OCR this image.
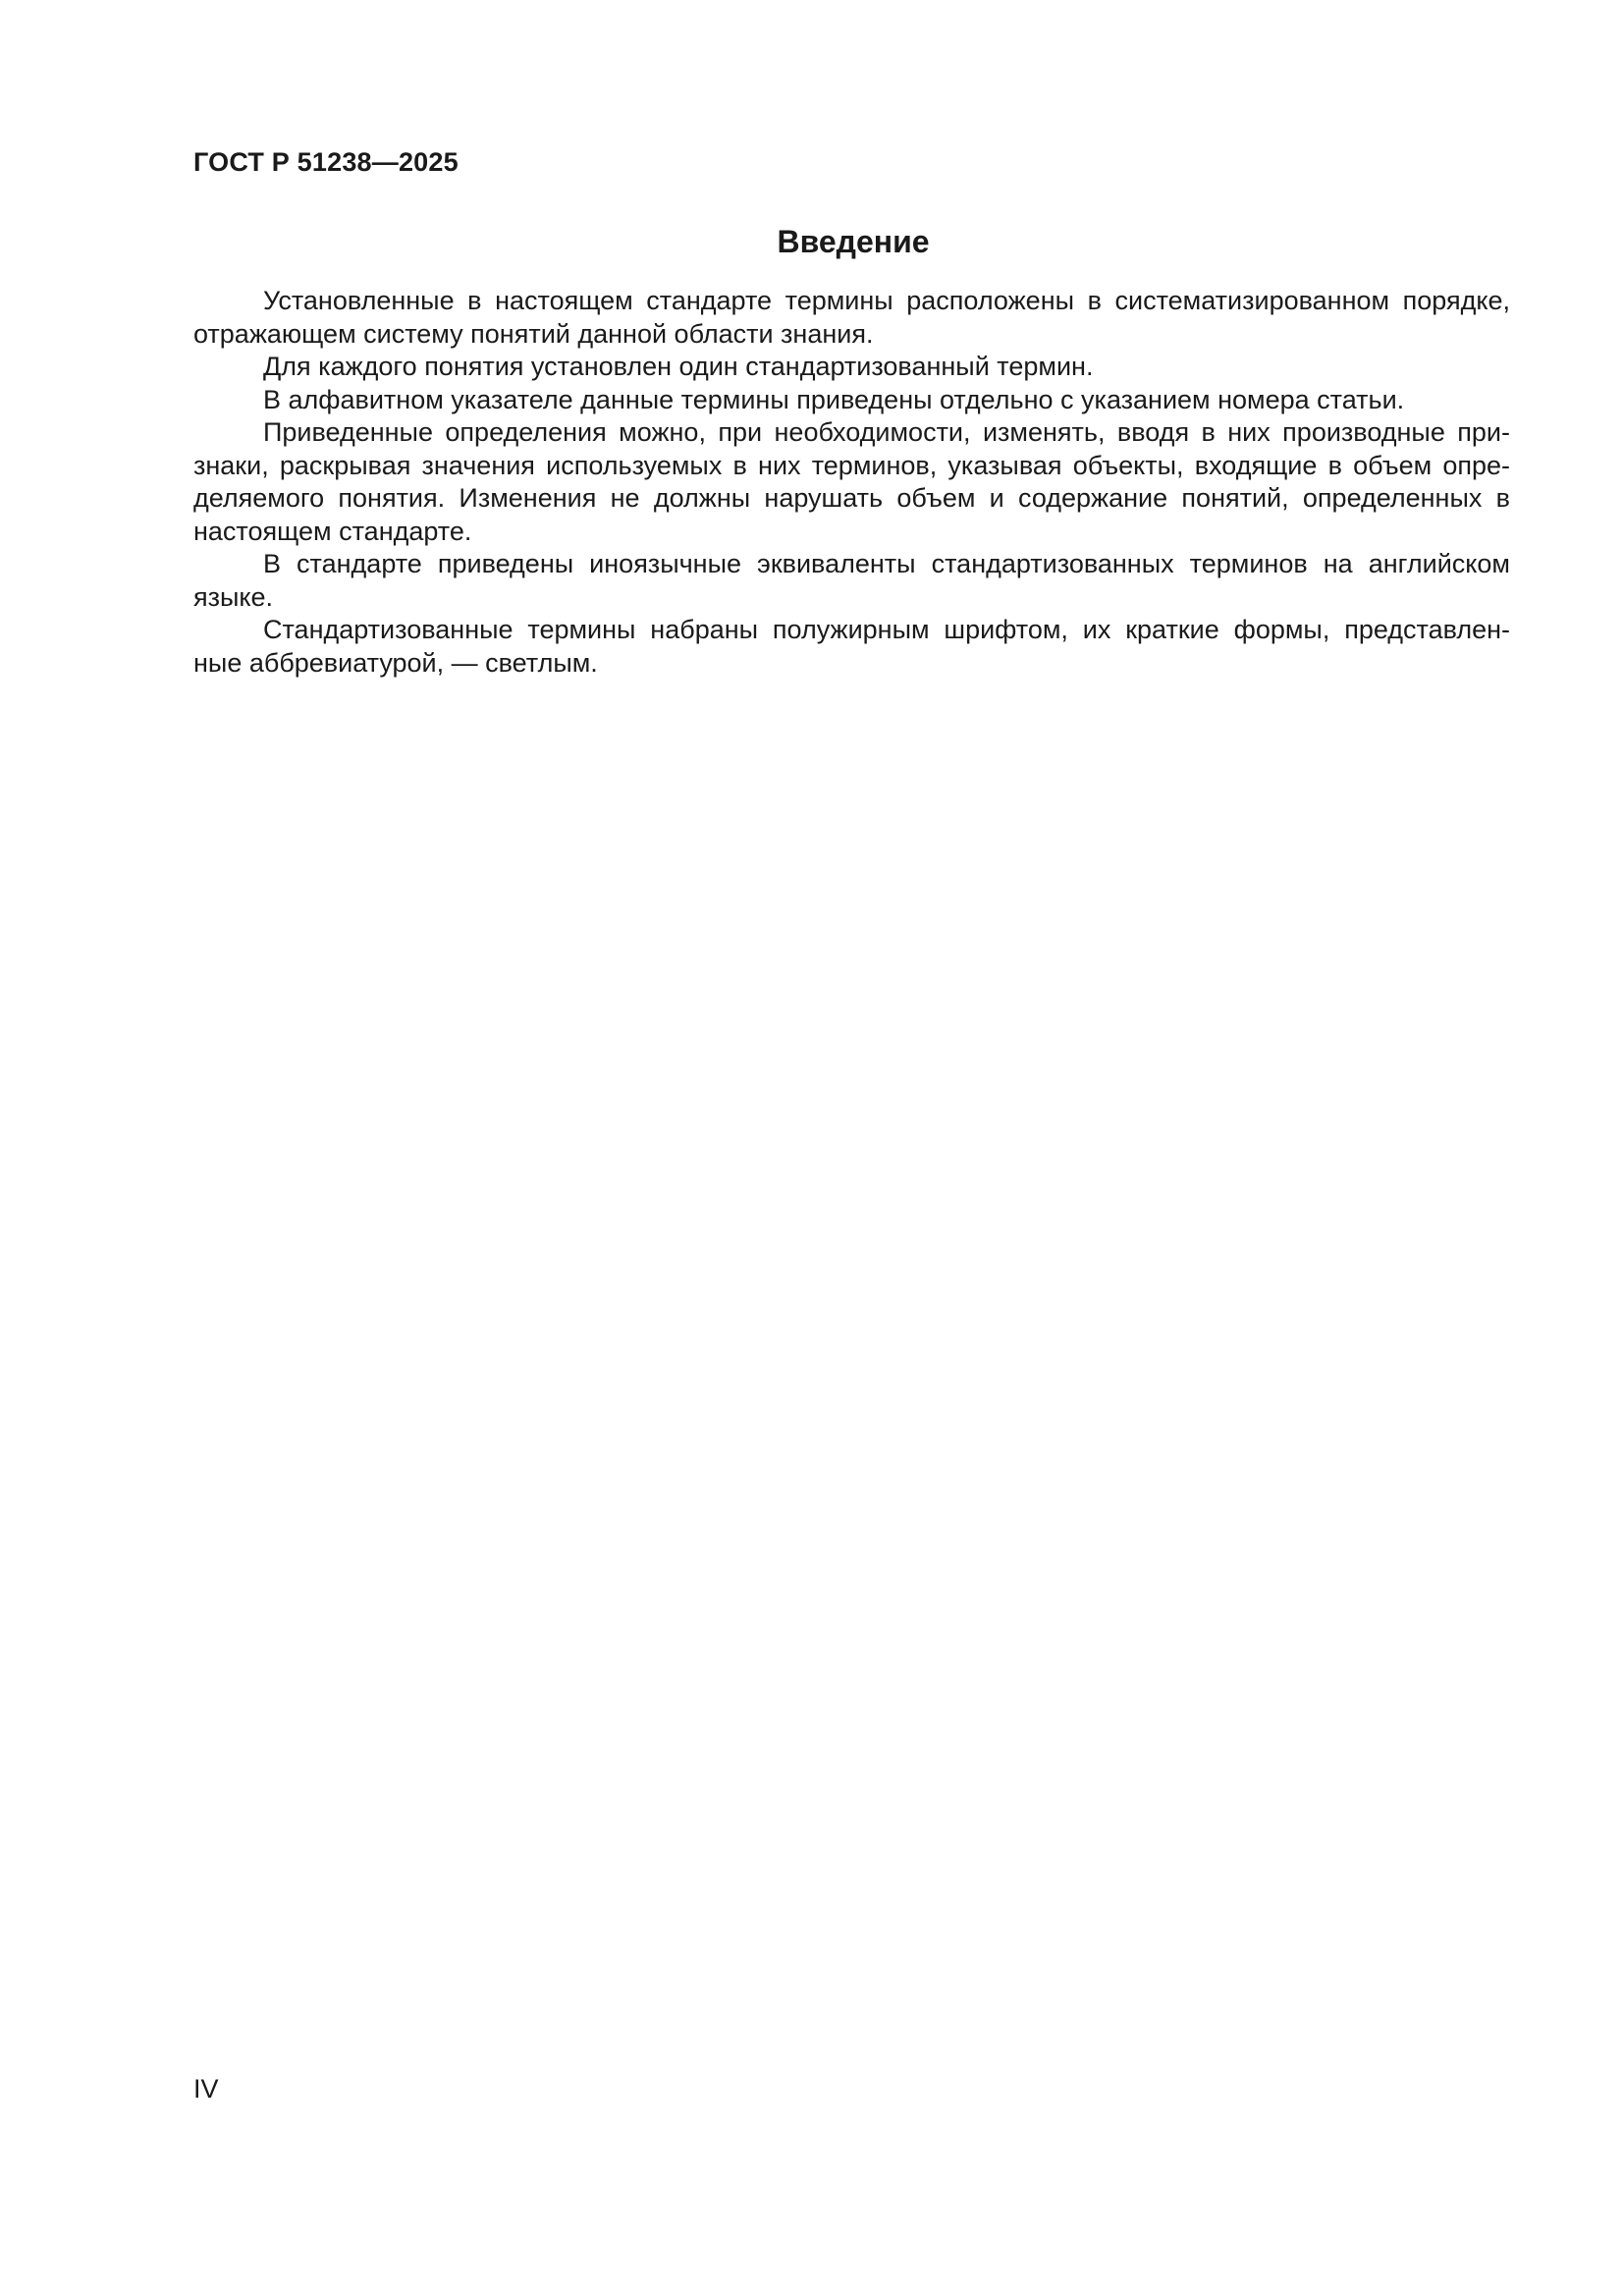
ГОСТ Р 51238—2025
Введение

Установленные в настоящем стандарте термины расположены в систематизированном порядке,
отражающем систему понятий данной области знания.

Для каждого понятия установлен один стандартизованный термин.

В алфавитном указателе данные термины приведены отдельно с указанием номера статьи.

Приведенные определения можно, при необходимости, изменять, вводя в них производные при-
знаки, раскрывая значения используемых в них терминов, указывая объекты, входящие в объем опре-
деляемого понятия. Изменения не должны нарушать объем и содержание понятий, определенных в
настоящем стандарте.

В стандарте приведены иноязычные эквиваленты стандартизованных терминов на английском
языке.

Стандартизованные термины набраны полужирным шрифтом, их краткие формы, представлен-
ные аббревиатурой, — светлым.

IV
